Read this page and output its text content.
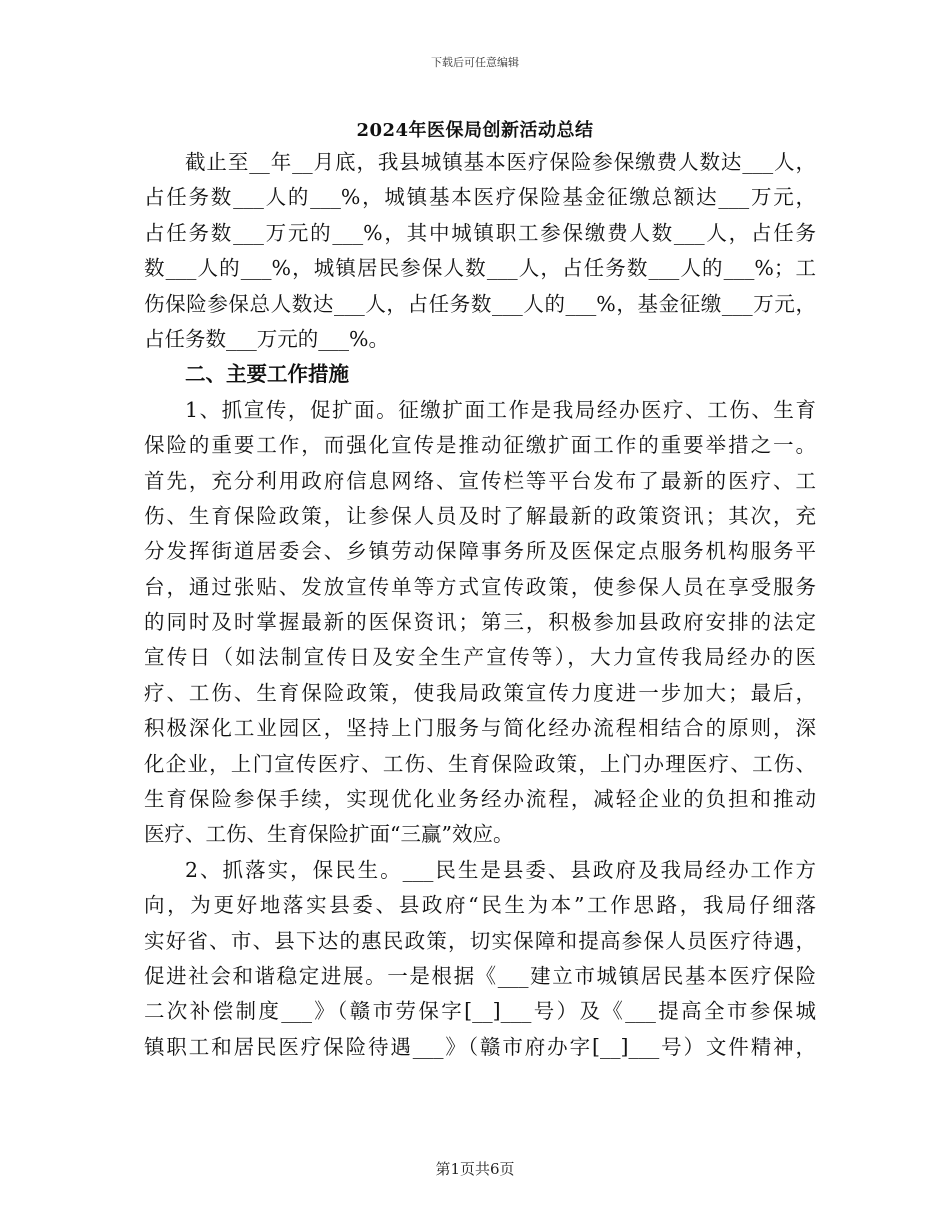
下载后可任意编辑
2024年医保局创新活动总结
截止至__年__月底，我县城镇基本医疗保险参保缴费人数达___人，
占任务数___人的___%，城镇基本医疗保险基金征缴总额达___万元，
占任务数___万元的___%，其中城镇职工参保缴费人数___人，占任务
数___人的___%，城镇居民参保人数___人，占任务数___人的___%；工
伤保险参保总人数达___人，占任务数___人的___%，基金征缴___万元，
占任务数___万元的___%。
二、主要工作措施
1、抓宣传，促扩面。征缴扩面工作是我局经办医疗、工伤、生育
保险的重要工作，而强化宣传是推动征缴扩面工作的重要举措之一。
首先，充分利用政府信息网络、宣传栏等平台发布了最新的医疗、工
伤、生育保险政策，让参保人员及时了解最新的政策资讯；其次，充
分发挥街道居委会、乡镇劳动保障事务所及医保定点服务机构服务平
台，通过张贴、发放宣传单等方式宣传政策，使参保人员在享受服务
的同时及时掌握最新的医保资讯；第三，积极参加县政府安排的法定
宣传日（如法制宣传日及安全生产宣传等），大力宣传我局经办的医
疗、工伤、生育保险政策，使我局政策宣传力度进一步加大；最后，
积极深化工业园区，坚持上门服务与简化经办流程相结合的原则，深
化企业，上门宣传医疗、工伤、生育保险政策，上门办理医疗、工伤、
生育保险参保手续，实现优化业务经办流程，减轻企业的负担和推动
医疗、工伤、生育保险扩面“三赢”效应。
2、抓落实，保民生。___民生是县委、县政府及我局经办工作方
向，为更好地落实县委、县政府“民生为本”工作思路，我局仔细落
实好省、市、县下达的惠民政策，切实保障和提高参保人员医疗待遇，
促进社会和谐稳定进展。一是根据《___建立市城镇居民基本医疗保险
二次补偿制度___》（赣市劳保字[__]___号）及《___提高全市参保城
镇职工和居民医疗保险待遇___》（赣市府办字[__]___号）文件精神，
第1页共6页
